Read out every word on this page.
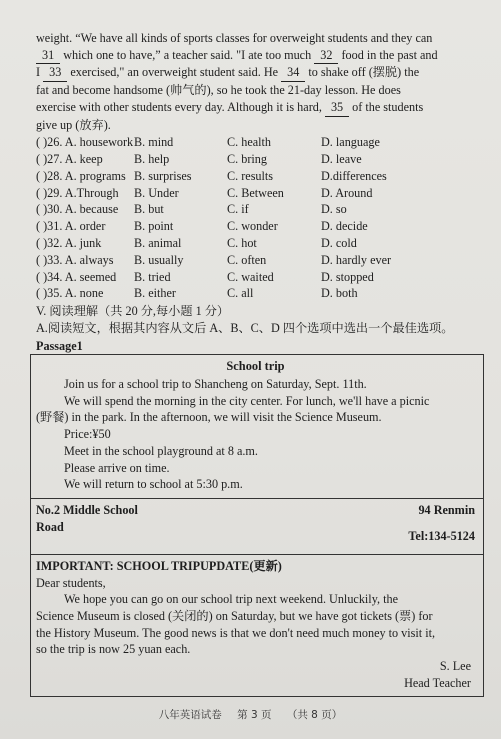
weight. “We have all kinds of sports classes for overweight students and they can

31 which one to have,” a teacher said. "I ate too much 32 food in the past and

I 33 exercised," an overweight student said. He 34 to shake off (摆脱) the

fat and become handsome (帅气的), so he took the 21-day lesson. He does

exercise with other students every day. Although it is hard, 35 of the students

give up (放弃).

( )26. A. housework B. mind	C. health	D. language
( )27. A. keep	B. help	C. bring	D. leave
( )28. A. programs B. surprises	C. results	D.differences
( )29. A.Through	B. Under	C. Between	D. Around
( )30. A. because	B. but	C. if	D. so
( )31. A. order	B. point	C. wonder	D. decide
( )32. A. junk	B. animal	C. hot	D. cold
( )33. A. always	B. usually	C. often	D. hardly ever
( )34. A. seemed	B. tried	C. waited	D. stopped
( )35. A. none	B. either	C. all	D. both
V. 阅读理解（共 20 分,每小题 1 分）
A.阅读短文，根据其内容从文后 A、B、C、D 四个选项中选出一个最佳选项。
Passage1
School trip

Join us for a school trip to Shancheng on Saturday, Sept. 11th.

We will spend the morning in the city center. For lunch, we'll have a picnic

(野餐) in the park. In the afternoon, we will visit the Science Museum.

Price:¥50

Meet in the school playground at 8 a.m.

Please arrive on time.

We will return to school at 5:30 p.m.

No.2 Middle School
Road
94 Renmin
Tel:134-5124

IMPORTANT: SCHOOL TRIPUPDATE(更新)

Dear students,

We hope you can go on our school trip next weekend. Unluckily, the

Science Museum is closed (关闭的) on Saturday, but we have got tickets (票) for

the History Museum. The good news is that we don't need much money to visit it,

so the trip is now 25 yuan each.

S. Lee

Head Teacher

八年英语试卷 第 3 页 （共 8 页）
